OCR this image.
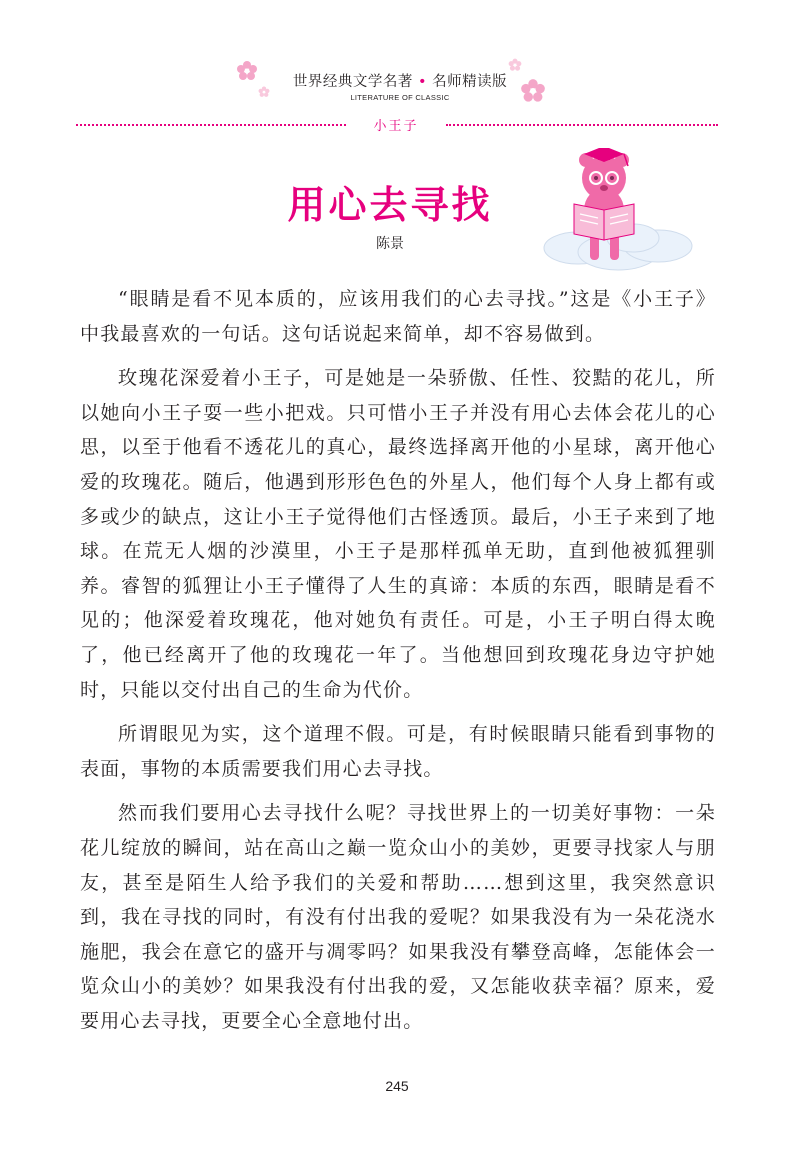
世界经典文学名著 • 名师精读版
LITERATURE OF CLASSIC
小王子
用心去寻找
陈景

“眼睛是看不见本质的，应该用我们的心去寻找。”这是《小王子》中我最喜欢的一句话。这句话说起来简单，却不容易做到。

玫瑰花深爱着小王子，可是她是一朵骄傲、任性、狡黠的花儿，所以她向小王子耍一些小把戏。只可惜小王子并没有用心去体会花儿的心思，以至于他看不透花儿的真心，最终选择离开他的小星球，离开他心爱的玫瑰花。随后，他遇到形形色色的外星人，他们每个人身上都有或多或少的缺点，这让小王子觉得他们古怪透顶。最后，小王子来到了地球。在荒无人烟的沙漠里，小王子是那样孤单无助，直到他被狐狸驯养。睿智的狐狸让小王子懂得了人生的真谛：本质的东西，眼睛是看不见的；他深爱着玫瑰花，他对她负有责任。可是，小王子明白得太晚了，他已经离开了他的玫瑰花一年了。当他想回到玫瑰花身边守护她时，只能以交付出自己的生命为代价。

所谓眼见为实，这个道理不假。可是，有时候眼睛只能看到事物的表面，事物的本质需要我们用心去寻找。

然而我们要用心去寻找什么呢？寻找世界上的一切美好事物：一朵花儿绽放的瞬间，站在高山之巅一览众山小的美妙，更要寻找家人与朋友，甚至是陌生人给予我们的关爱和帮助……想到这里，我突然意识到，我在寻找的同时，有没有付出我的爱呢？如果我没有为一朵花浇水施肥，我会在意它的盛开与凋零吗？如果我没有攀登高峰，怎能体会一览众山小的美妙？如果我没有付出我的爱，又怎能收获幸福？原来，爱要用心去寻找，更要全心全意地付出。

245
